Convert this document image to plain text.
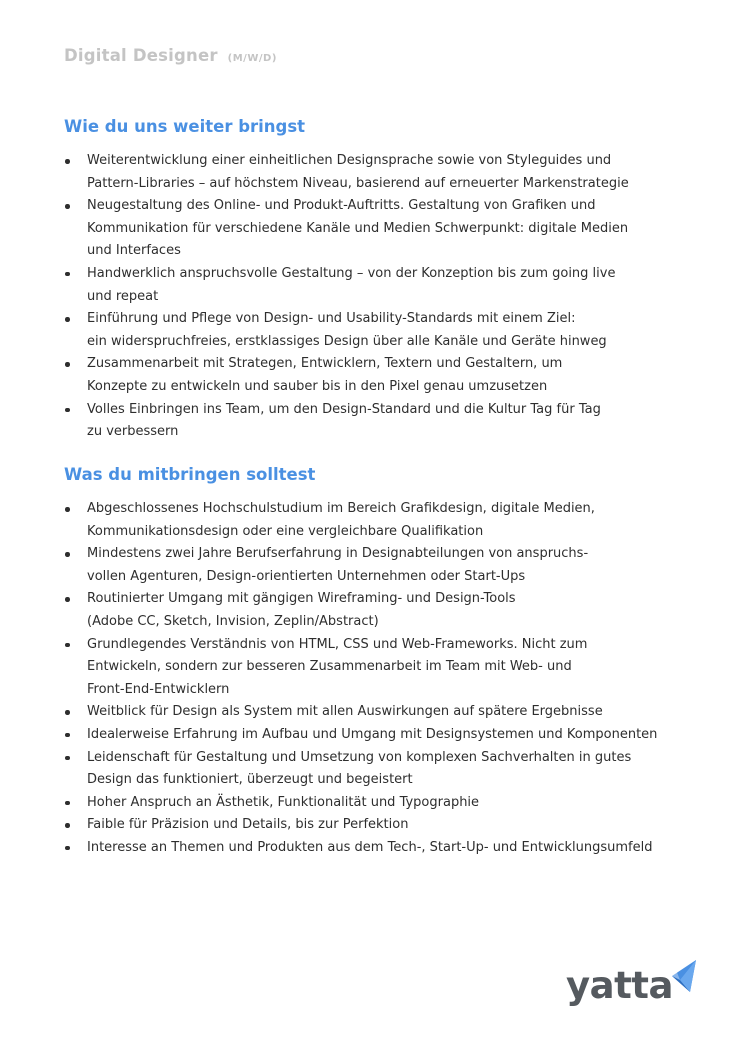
Digital Designer (M/W/D)
Wie du uns weiter bringst
Weiterentwicklung einer einheitlichen Designsprache sowie von Styleguides und
Pattern-Libraries – auf höchstem Niveau, basierend auf erneuerter Markenstrategie
Neugestaltung des Online- und Produkt-Auftritts. Gestaltung von Grafiken und
Kommunikation für verschiedene Kanäle und Medien Schwerpunkt: digitale Medien
und Interfaces
Handwerklich anspruchsvolle Gestaltung – von der Konzeption bis zum going live
und repeat
Einführung und Pflege von Design- und Usability-Standards mit einem Ziel:
ein widerspruchfreies, erstklassiges Design über alle Kanäle und Geräte hinweg
Zusammenarbeit mit Strategen, Entwicklern, Textern und Gestaltern, um
Konzepte zu entwickeln und sauber bis in den Pixel genau umzusetzen
Volles Einbringen ins Team, um den Design-Standard und die Kultur Tag für Tag
zu verbessern
Was du mitbringen solltest
Abgeschlossenes Hochschulstudium im Bereich Grafikdesign, digitale Medien,
Kommunikationsdesign oder eine vergleichbare Qualifikation
Mindestens zwei Jahre Berufserfahrung in Designabteilungen von anspruchs-
vollen Agenturen, Design-orientierten Unternehmen oder Start-Ups
Routinierter Umgang mit gängigen Wireframing- und Design-Tools
(Adobe CC, Sketch, Invision, Zeplin/Abstract)
Grundlegendes Verständnis von HTML, CSS und Web-Frameworks. Nicht zum
Entwickeln, sondern zur besseren Zusammenarbeit im Team mit Web- und
Front-End-Entwicklern
Weitblick für Design als System mit allen Auswirkungen auf spätere Ergebnisse
Idealerweise Erfahrung im Aufbau und Umgang mit Designsystemen und Komponenten
Leidenschaft für Gestaltung und Umsetzung von komplexen Sachverhalten in gutes
Design das funktioniert, überzeugt und begeistert
Hoher Anspruch an Ästhetik, Funktionalität und Typographie
Faible für Präzision und Details, bis zur Perfektion
Interesse an Themen und Produkten aus dem Tech-, Start-Up- und Entwicklungsumfeld
yatta
